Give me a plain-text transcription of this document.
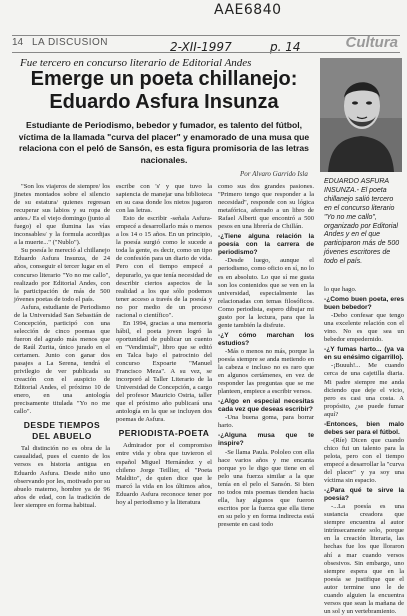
AAE6840
2-XII-1997	p. 14
14 LA DISCUSION	Cultura
Fue tercero en concurso literario de Editorial Andes
Emerge un poeta chillanejo: Eduardo Asfura Insunza
Estudiante de Periodismo, bebedor y fumador, es talento del fútbol, víctima de la llamada "curva del placer" y enamorado de una musa que relaciona con el peló de Sansón, es esta figura promisoria de las letras nacionales.
Por Alvaro Garrido Isla
EDUARDO ASFURA INSUNZA.- El poeta chillanejo salió tercero en el concurso literario "Yo no me callo", organizado por Editorial Andes y en el que participaron más de 500 jóvenes escritores de todo el país.

"Son los viajeros de siempre/ los jinetes montados sobre el silencio de su estatura/ quienes regresan recuperar sus labios y su ropa de antes./ Es el viejo domingo (junto al fuego) el que ilumina las vías inconsables/ y la formula acordijas a la muerte..." ("Nublo").

Su poesía le mereció al chillanejo Eduardo Asfura Insunza, de 24 años, conseguir el tercer lugar en el concurso literario "Yo no me callo", realizado por Editorial Andes, con la participación de más de 500 jóvenes poetas de todo el país.

Asfura, estudiante de Periodismo de la Universidad San Sebastián de Concepción, participó con una selección de cinco poemas que fueron del agrado más menos que de Raúl Zurita, único jurado en el certamen. Junto con ganar dos pasajes a La Serena, tendrá el privilegio de ver publicada su creación con el auspicio de Editorial Andes, el próximo 10 de enero, en una antología precisamente titulada "Yo no me callo".

DESDE TIEMPOS
DEL ABUELO

Tal distinción no es obra de la casualidad, pues el cuento de los versos es historia antigua en Eduardo Asfura. Desde niño uno observando por les, motivado por su abuelo materno, hombre ya de 96 años de edad, con la tradición de leer siempre en forma habitual.

escribe con 's' y que tuvo la sapiencia de manejar una biblioteca en su casa donde los nietos jugaron con las letras.

Esto de escribir -señala Asfura- empecé a desarrollarlo más o menos a los 14 o 15 años. En un principio, la poesía surgió como le sucede a toda la gente, es decir, como un tipo de confesión para un diario de vida. Pero con el tiempo empecé a depurarlo, ya que tenía necesidad de describir ciertos aspectos de la realidad a los que sólo podemos tener acceso a través de la poesía y no por medio de un proceso racional o científico".

En 1994, gracias a una memoria hábil, el poeta joven logró la oportunidad de publicar un cuento en "Vendimial", libro que se editó en Talca bajo el patrocinio del concurso Expoarte "Manuel Francisco Meza". A su vez, se incorporó al Taller Literario de la Universidad de Concepción, a cargo del profesor Mauricio Ostria, taller que el próximo año publicará una antología en la que se incluyen dos poemas de Asfura.

PERIODISTA-POETA

Admirador por el compromiso entre vida y obra que tuvieron el español Miguel Hernández y el chileno Jorge Teillier, el "Poeta Maldito", de quien dice que le marcó la vida en los últimos años, Eduardo Asfura reconoce tener por hoy al periodismo y la literatura

como sus dos grandes pasiones. "Primero tengo que responder a la necesidad", responde con su lógica metafórica, aferrado a un libro de Rafael Alberti que encontró a 500 pesos en una librería de Chillán.

-¿Tiene alguna relación la poesía con la carrera de periodismo?

-Desde luego, aunque el periodismo, como oficio en sí, no lo es en absoluto. Lo que sí me gusta son los contenidos que se ven en la universidad, especialmente las relacionadas con temas filosóficos. Como periodista, espero dibujar mi gusto por la lectura, para que la gente también la disfrute.

-¿Y cómo marchan los estudios?

-Más o menos no más, porque la poesía siempre se anda metiendo en la cabeza e incluso no es raro que en algunos certámenes, en vez de responder las preguntas que se me planteen, empiece a escribir versos.

-¿Algo en especial necesitas cada vez que deseas escribir?

-Una buena goma, para borrar harto.

-¿Alguna musa que te inspire?

-Se llama Paula. Pololeo con ella hace varios años y me encanta porque yo le digo que tiene en el pelo una fuerza similar a la que tenía en el pelo el Sansón. Si bien no todos mis poemas tienden hacia ella, hay algunos que fueron escritos por la fuerza que ella tiene en su pelo y en forma indirecta está presente en casi todo

lo que hago.

-¿Como buen poeta, eres buen bebedor?

-Debo confesar que tengo una excelente relación con el vino. No es que sea un bebedor empedernido.

-¿Y fumas harto... (ya va en su enésimo cigarrillo).

-¡Buuuh!... Me cuando cerca de una cajetilla diaria. Mi padre siempre me anda diciendo que deje el vicio, pero es casi una costa. A propósito, ¿se puede fumar aquí?

-Entonces, bien malo debes ser para el fútbol.

-(Ríe) Dicen que cuando chico fui un talento para la pelota, pero con el tiempo empecé a desarrollar la "curva del placer" y ya soy una víctima sin espacio.

-¿Para qué te sirve la poesía?

-...La poesía es una sustancia creadora que siempre encuentra al autor intrínsecamente solo, porque en la creación literaria, las hechas fue los que lloraron ahí a mar cuando versos obsesivos. Sin embargo, uno siempre espera que en la poesía se justifique que el autor termine uno le de cuando alguien la encuentra versos que sean la mañana de un sol y un vertebramiento.
